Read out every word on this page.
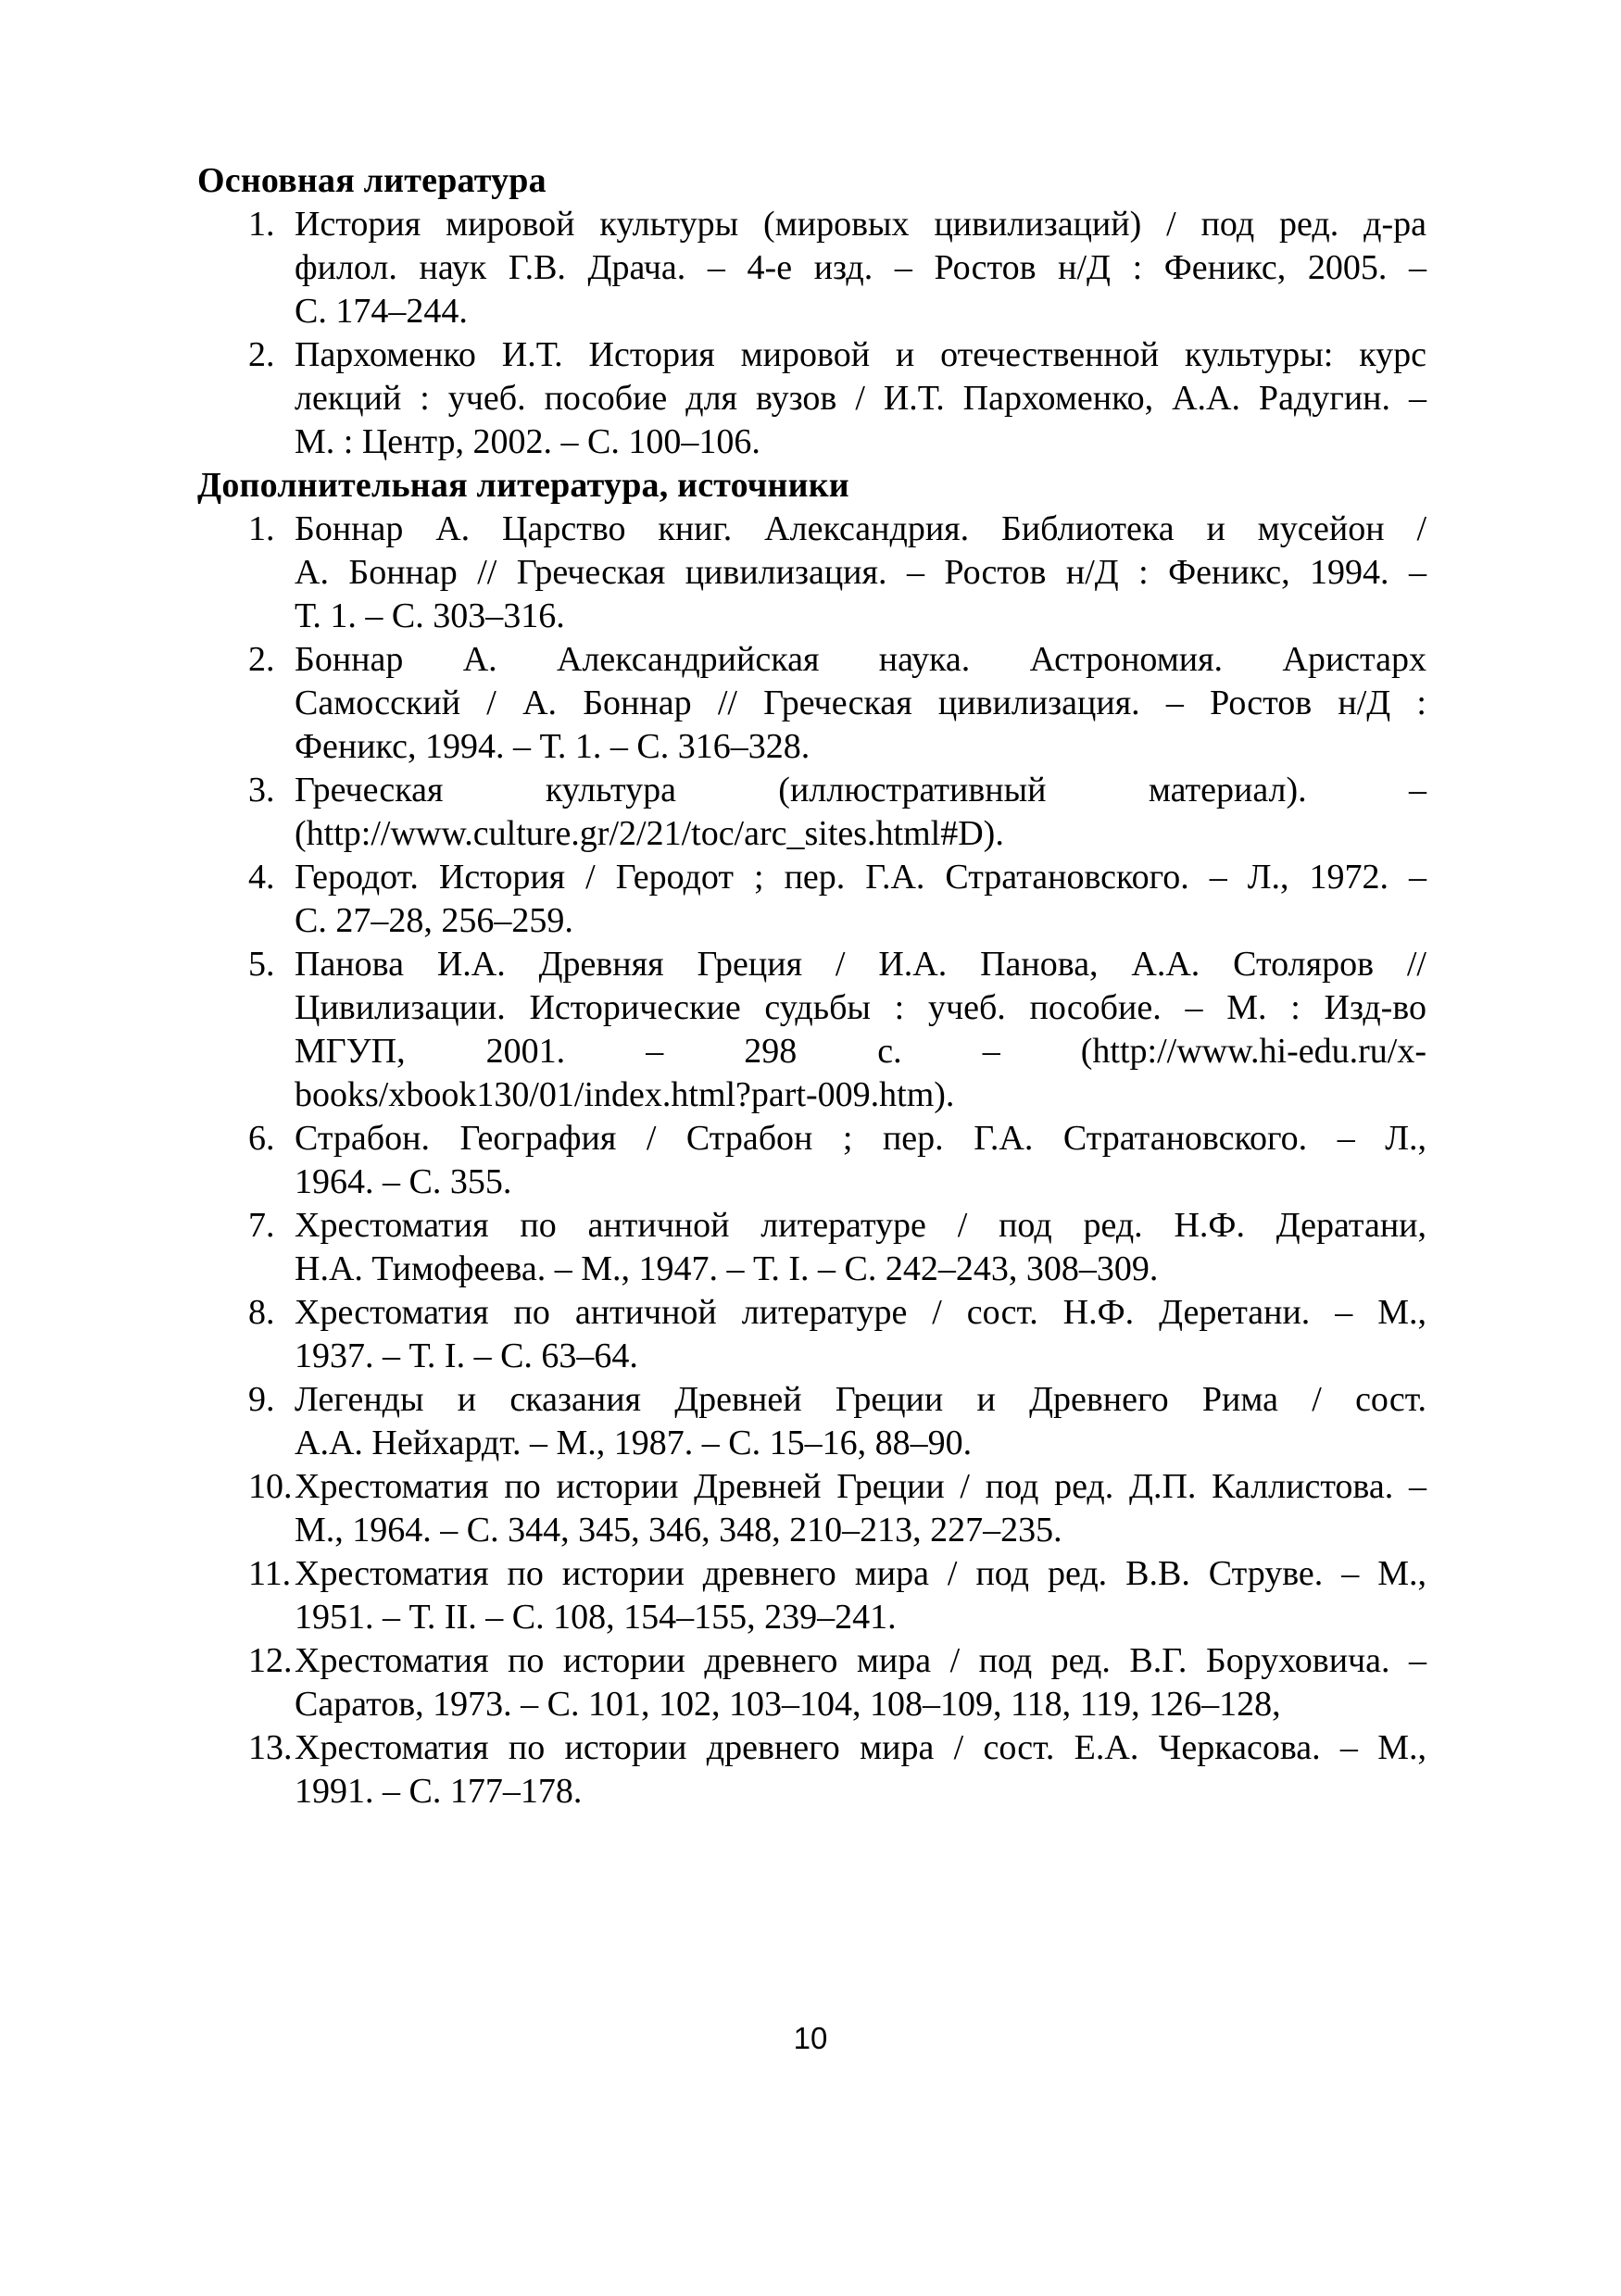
Основная литература
1. История мировой культуры (мировых цивилизаций) / под ред. д-ра
филол. наук Г.В. Драча. – 4-е изд. – Ростов н/Д : Феникс, 2005. –
С. 174–244.
2. Пархоменко И.Т. История мировой и отечественной культуры: курс
лекций : учеб. пособие для вузов / И.Т. Пархоменко, А.А. Радугин. –
М. : Центр, 2002. – С. 100–106.
Дополнительная литература, источники
1. Боннар А. Царство книг. Александрия. Библиотека и мусейон /
А. Боннар // Греческая цивилизация. – Ростов н/Д : Феникс, 1994. –
Т. 1. – С. 303–316.
2. Боннар А. Александрийская наука. Астрономия. Аристарх
Самосский / А. Боннар // Греческая цивилизация. – Ростов н/Д :
Феникс, 1994. – Т. 1. – С. 316–328.
3. Греческая культура (иллюстративный материал). –
(http://www.culture.gr/2/21/toc/arc_sites.html#D).
4. Геродот. История / Геродот ; пер. Г.А. Стратановского. – Л., 1972. –
С. 27–28, 256–259.
5. Панова И.А. Древняя Греция / И.А. Панова, А.А. Столяров //
Цивилизации. Исторические судьбы : учеб. пособие. – М. : Изд-во
МГУП, 2001. – 298 с. – (http://www.hi-edu.ru/x-
books/xbook130/01/index.html?part-009.htm).
6. Страбон. География / Страбон ; пер. Г.А. Стратановского. – Л.,
1964. – С. 355.
7. Хрестоматия по античной литературе / под ред. Н.Ф. Дератани,
Н.А. Тимофеева. – М., 1947. – Т. I. – С. 242–243, 308–309.
8. Хрестоматия по античной литературе / сост. Н.Ф. Деретани. – М.,
1937. – Т. I. – С. 63–64.
9. Легенды и сказания Древней Греции и Древнего Рима / сост.
А.А. Нейхардт. – М., 1987. – С. 15–16, 88–90.
10. Хрестоматия по истории Древней Греции / под ред. Д.П. Каллистова. –
М., 1964. – С. 344, 345, 346, 348, 210–213, 227–235.
11. Хрестоматия по истории древнего мира / под ред. В.В. Струве. – М.,
1951. – Т. II. – С. 108, 154–155, 239–241.
12. Хрестоматия по истории древнего мира / под ред. В.Г. Боруховича. –
Саратов, 1973. – С. 101, 102, 103–104, 108–109, 118, 119, 126–128,
13. Хрестоматия по истории древнего мира / сост. Е.А. Черкасова. – М.,
1991. – С. 177–178.
10
